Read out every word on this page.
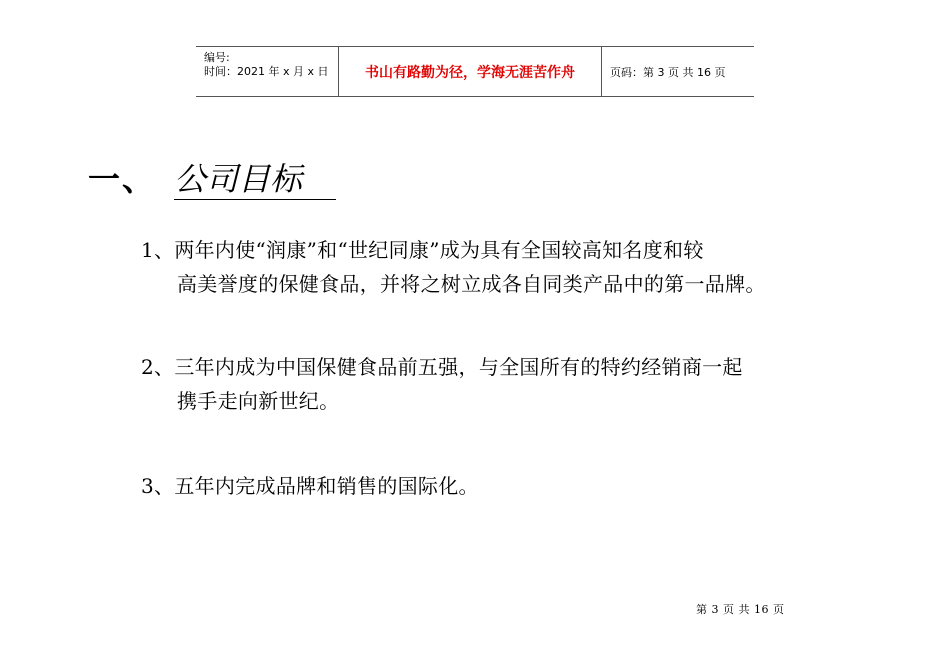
编号:
时间：2021 年 x 月 x 日	书山有路勤为径，学海无涯苦作舟	页码：第 3 页 共 16 页
一、 公司目标
1、两年内使“润康”和“世纪同康”成为具有全国较高知名度和较
高美誉度的保健食品，并将之树立成各自同类产品中的第一品牌。
2、三年内成为中国保健食品前五强，与全国所有的特约经销商一起
携手走向新世纪。
3、五年内完成品牌和销售的国际化。
第 3 页 共 16 页
